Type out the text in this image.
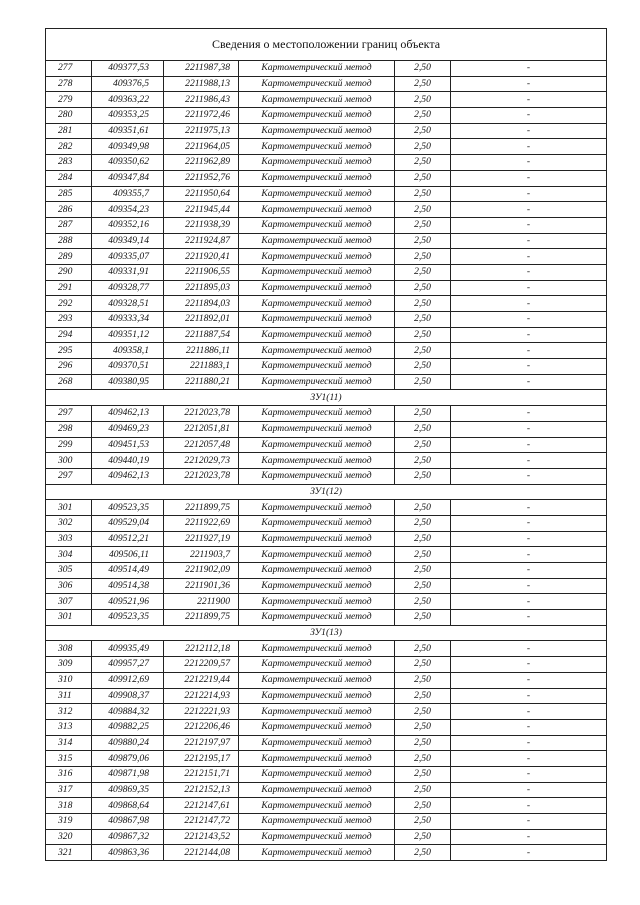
Сведения о местоположении границ объекта					
277	409377,53	2211987,38	Картометрический метод	2,50	-
278	409376,5	2211988,13	Картометрический метод	2,50	-
279	409363,22	2211986,43	Картометрический метод	2,50	-
280	409353,25	2211972,46	Картометрический метод	2,50	-
281	409351,61	2211975,13	Картометрический метод	2,50	-
282	409349,98	2211964,05	Картометрический метод	2,50	-
283	409350,62	2211962,89	Картометрический метод	2,50	-
284	409347,84	2211952,76	Картометрический метод	2,50	-
285	409355,7	2211950,64	Картометрический метод	2,50	-
286	409354,23	2211945,44	Картометрический метод	2,50	-
287	409352,16	2211938,39	Картометрический метод	2,50	-
288	409349,14	2211924,87	Картометрический метод	2,50	-
289	409335,07	2211920,41	Картометрический метод	2,50	-
290	409331,91	2211906,55	Картометрический метод	2,50	-
291	409328,77	2211895,03	Картометрический метод	2,50	-
292	409328,51	2211894,03	Картометрический метод	2,50	-
293	409333,34	2211892,01	Картометрический метод	2,50	-
294	409351,12	2211887,54	Картометрический метод	2,50	-
295	409358,1	2211886,11	Картометрический метод	2,50	-
296	409370,51	2211883,1	Картометрический метод	2,50	-
268	409380,95	2211880,21	Картометрический метод	2,50	-
ЗУ1(11)					
297	409462,13	2212023,78	Картометрический метод	2,50	-
298	409469,23	2212051,81	Картометрический метод	2,50	-
299	409451,53	2212057,48	Картометрический метод	2,50	-
300	409440,19	2212029,73	Картометрический метод	2,50	-
297	409462,13	2212023,78	Картометрический метод	2,50	-
ЗУ1(12)					
301	409523,35	2211899,75	Картометрический метод	2,50	-
302	409529,04	2211922,69	Картометрический метод	2,50	-
303	409512,21	2211927,19	Картометрический метод	2,50	-
304	409506,11	2211903,7	Картометрический метод	2,50	-
305	409514,49	2211902,09	Картометрический метод	2,50	-
306	409514,38	2211901,36	Картометрический метод	2,50	-
307	409521,96	2211900	Картометрический метод	2,50	-
301	409523,35	2211899,75	Картометрический метод	2,50	-
ЗУ1(13)					
308	409935,49	2212112,18	Картометрический метод	2,50	-
309	409957,27	2212209,57	Картометрический метод	2,50	-
310	409912,69	2212219,44	Картометрический метод	2,50	-
311	409908,37	2212214,93	Картометрический метод	2,50	-
312	409884,32	2212221,93	Картометрический метод	2,50	-
313	409882,25	2212206,46	Картометрический метод	2,50	-
314	409880,24	2212197,97	Картометрический метод	2,50	-
315	409879,06	2212195,17	Картометрический метод	2,50	-
316	409871,98	2212151,71	Картометрический метод	2,50	-
317	409869,35	2212152,13	Картометрический метод	2,50	-
318	409868,64	2212147,61	Картометрический метод	2,50	-
319	409867,98	2212147,72	Картометрический метод	2,50	-
320	409867,32	2212143,52	Картометрический метод	2,50	-
321	409863,36	2212144,08	Картометрический метод	2,50	-
